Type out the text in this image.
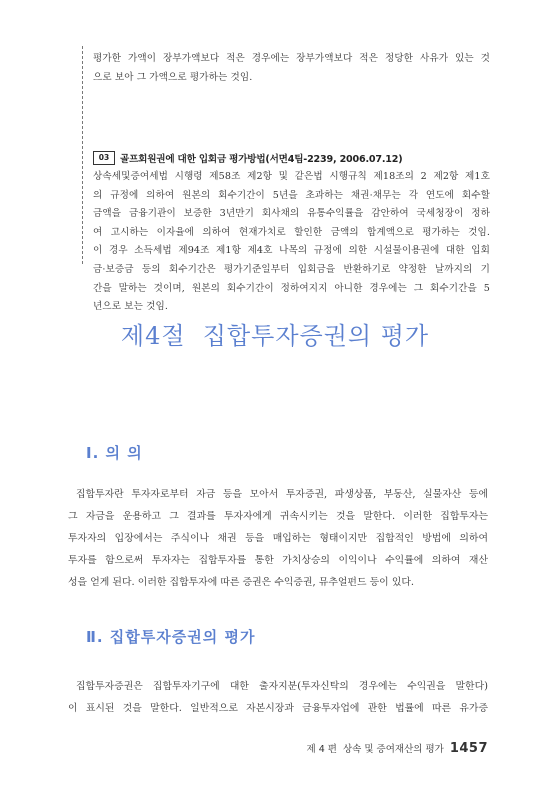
평가한 가액이 장부가액보다 적은 경우에는 장부가액보다 적은 정당한 사유가 있는 것
으로 보아 그 가액으로 평가하는 것임.
03	골프회원권에 대한 입회금 평가방법(서면4팀-2239, 2006.07.12)
상속세및증여세법 시행령 제58조 제2항 및 같은법 시행규칙 제18조의 2 제2항 제1호
의 규정에 의하여 원본의 회수기간이 5년을 초과하는 채권·채무는 각 연도에 회수할
금액을 금융기관이 보증한 3년만기 회사채의 유통수익률을 감안하여 국세청장이 정하
여 고시하는 이자율에 의하여 현재가치로 할인한 금액의 합계액으로 평가하는 것임.
이 경우 소득세법 제94조 제1항 제4호 나목의 규정에 의한 시설물이용권에 대한 입회
금·보증금 등의 회수기간은 평가기준일부터 입회금을 반환하기로 약정한 날까지의 기
간을 말하는 것이며, 원본의 회수기간이 정하여지지 아니한 경우에는 그 회수기간을 5
년으로 보는 것임.
제4절  집합투자증권의 평가
Ⅰ. 의 의
집합투자란 투자자로부터 자금 등을 모아서 투자증권, 파생상품, 부동산, 실물자산 등에
그 자금을 운용하고 그 결과를 투자자에게 귀속시키는 것을 말한다. 이러한 집합투자는
투자자의 입장에서는 주식이나 채권 등을 매입하는 형태이지만 집합적인 방법에 의하여
투자를 함으로써 투자자는 집합투자를 통한 가치상승의 이익이나 수익률에 의하여 재산
성을 얻게 된다. 이러한 집합투자에 따른 증권은 수익증권, 뮤추얼펀드 등이 있다.
Ⅱ. 집합투자증권의 평가
집합투자증권은 집합투자기구에 대한 출자지분(투자신탁의 경우에는 수익권을 말한다)
이 표시된 것을 말한다. 일반적으로 자본시장과 금융투자업에 관한 법률에 따른 유가증
제 4 편  상속 및 증여재산의 평가 1457
